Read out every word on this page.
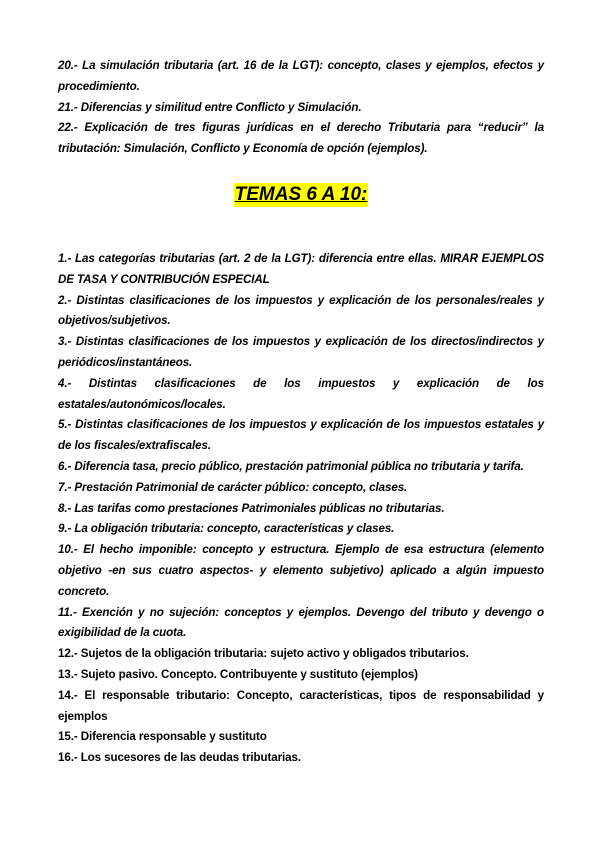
20.- La simulación tributaria (art. 16 de la LGT): concepto, clases y ejemplos, efectos y procedimiento.

21.- Diferencias y similitud entre Conflicto y Simulación.

22.- Explicación de tres figuras jurídicas en el derecho Tributaria para “reducir” la tributación: Simulación, Conflicto y Economía de opción (ejemplos).

TEMAS 6 A 10:

1.- Las categorías tributarias (art. 2 de la LGT): diferencia entre ellas. MIRAR EJEMPLOS DE TASA Y CONTRIBUCIÓN ESPECIAL

2.- Distintas clasificaciones de los impuestos y explicación de los personales/reales y objetivos/subjetivos.

3.- Distintas clasificaciones de los impuestos y explicación de los directos/indirectos y periódicos/instantáneos.

4.- Distintas clasificaciones de los impuestos y explicación de los estatales/autonómicos/locales.

5.- Distintas clasificaciones de los impuestos y explicación de los impuestos estatales y de los fiscales/extrafiscales.

6.- Diferencia tasa, precio público, prestación patrimonial pública no tributaria y tarifa.

7.- Prestación Patrimonial de carácter público: concepto, clases.

8.- Las tarifas como prestaciones Patrimoniales públicas no tributarias.

9.- La obligación tributaria: concepto, características y clases.

10.- El hecho imponible: concepto y estructura. Ejemplo de esa estructura (elemento objetivo -en sus cuatro aspectos- y elemento subjetivo) aplicado a algún impuesto concreto.

11.- Exención y no sujeción: conceptos y ejemplos. Devengo del tributo y devengo o exigibilidad de la cuota.

12.- Sujetos de la obligación tributaria: sujeto activo y obligados tributarios.

13.- Sujeto pasivo. Concepto. Contribuyente y sustituto (ejemplos)

14.- El responsable tributario: Concepto, características, tipos de responsabilidad y ejemplos

15.- Diferencia responsable y sustituto

16.- Los sucesores de las deudas tributarias.
